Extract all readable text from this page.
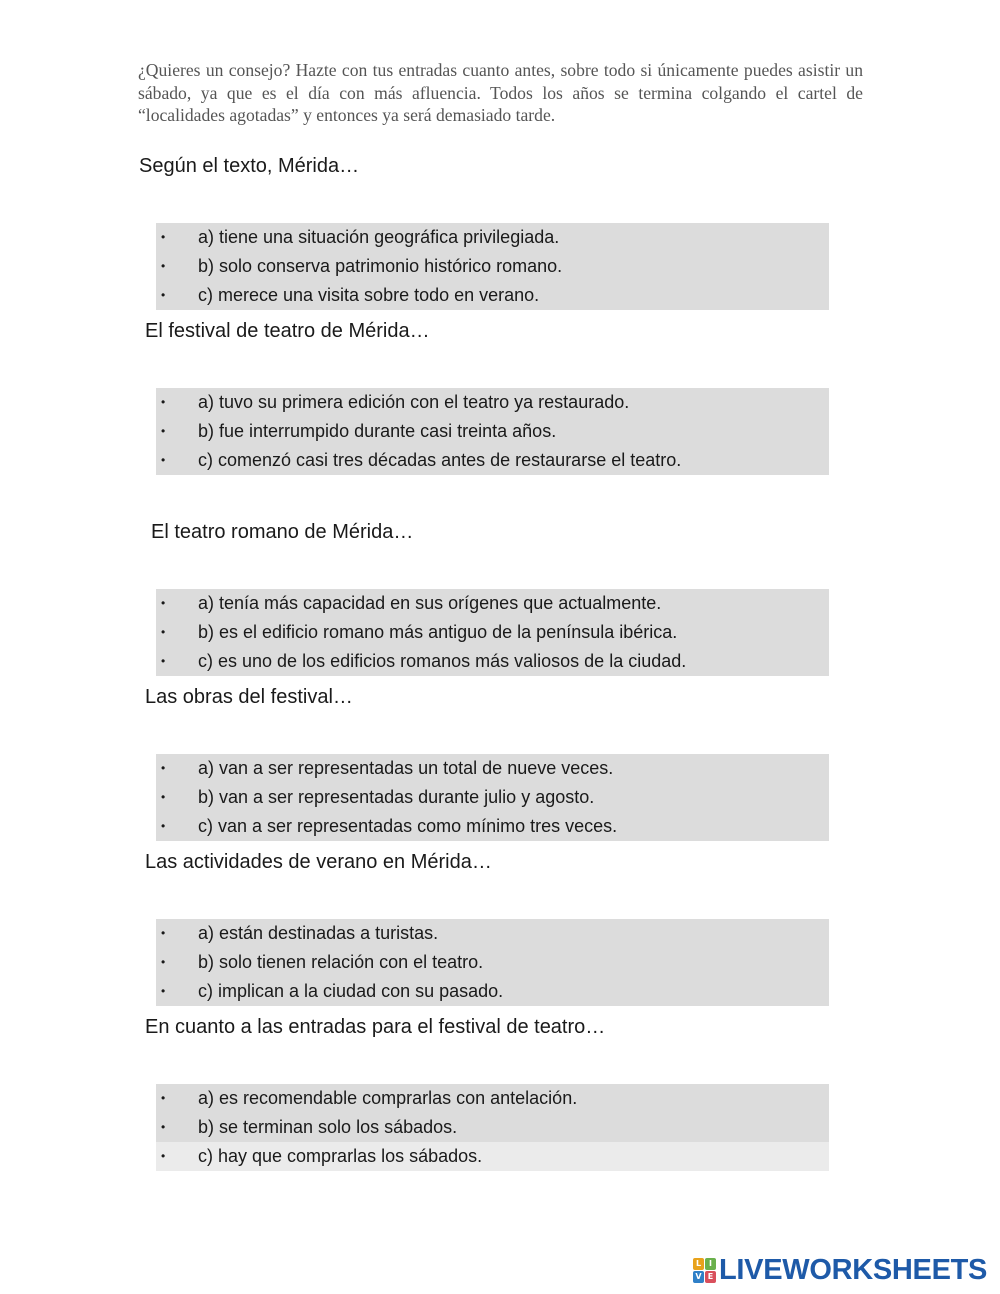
¿Quieres un consejo? Hazte con tus entradas cuanto antes, sobre todo si únicamente puedes asistir un sábado, ya que es el día con más afluencia. Todos los años se termina colgando el cartel de “localidades agotadas” y entonces ya será demasiado tarde.
Según el texto, Mérida…
•	a) tiene una situación geográfica privilegiada.
•	b) solo conserva patrimonio histórico romano.
•	c) merece una visita sobre todo en verano.
El festival de teatro de Mérida…
•	a) tuvo su primera edición con el teatro ya restaurado.
•	b) fue interrumpido durante casi treinta años.
•	c) comenzó casi tres décadas antes de restaurarse el teatro.
El teatro romano de Mérida…
•	a) tenía más capacidad en sus orígenes que actualmente.
•	b) es el edificio romano más antiguo de la península ibérica.
•	c) es uno de los edificios romanos más valiosos de la ciudad.
Las obras del festival…
•	a) van a ser representadas un total de nueve veces.
•	b) van a ser representadas durante julio y agosto.
•	c) van a ser representadas como mínimo tres veces.
Las actividades de verano en Mérida…
•	a) están destinadas a turistas.
•	b) solo tienen relación con el teatro.
•	c) implican a la ciudad con su pasado.
En cuanto a las entradas para el festival de teatro…
•	a) es recomendable comprarlas con antelación.
•	b) se terminan solo los sábados.
•	c) hay que comprarlas los sábados.
L I
V E LIVEWORKSHEETS
